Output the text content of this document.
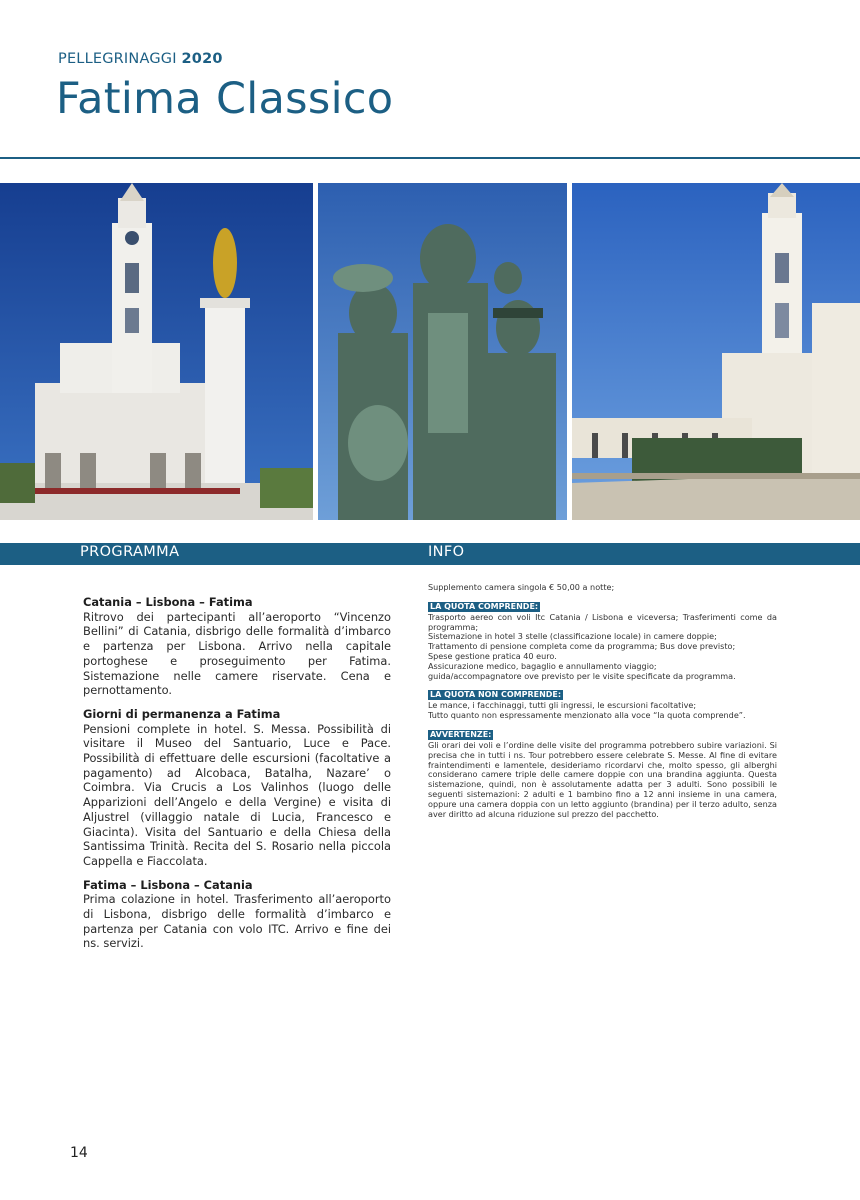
PELLEGRINAGGI 2020
Fatima Classico
PROGRAMMA	INFO
Catania – Lisbona – Fatima
Ritrovo dei partecipanti all’aeroporto “Vincenzo Bellini” di Catania, disbrigo delle formalità d’imbarco e partenza per Lisbona. Arrivo nella capitale portoghese e proseguimento per Fatima. Sistemazione nelle camere riservate. Cena e pernottamento.
Giorni di permanenza a Fatima
Pensioni complete in hotel. S. Messa. Possibilità di visitare il Museo del Santuario, Luce e Pace. Possibilità di effettuare delle escursioni (facoltative a pagamento) ad Alcobaca, Batalha, Nazare’ o Coimbra. Via Crucis a Los Valinhos (luogo delle Apparizioni dell’Angelo e della Vergine) e visita di Aljustrel (villaggio natale di Lucia, Francesco e Giacinta). Visita del Santuario e della Chiesa della Santissima Trinità. Recita del S. Rosario nella piccola Cappella e Fiaccolata.
Fatima – Lisbona – Catania
Prima colazione in hotel. Trasferimento all’aeroporto di Lisbona, disbrigo delle formalità d’imbarco e partenza per Catania con volo ITC. Arrivo e fine dei ns. servizi.

Supplemento camera singola € 50,00 a notte;

LA QUOTA COMPRENDE:

Trasporto aereo con voli Itc Catania / Lisbona e viceversa; Trasferimenti come da programma;

Sistemazione in hotel 3 stelle (classificazione locale) in camere doppie;

Trattamento di pensione completa come da programma; Bus dove previsto;

Spese gestione pratica 40 euro.

Assicurazione medico, bagaglio e annullamento viaggio;

guida/accompagnatore ove previsto per le visite specificate da programma.

LA QUOTA NON COMPRENDE:

Le mance, i facchinaggi, tutti gli ingressi, le escursioni facoltative;

Tutto quanto non espressamente menzionato alla voce “la quota comprende”.

AVVERTENZE:

Gli orari dei voli e l’ordine delle visite del programma potrebbero subire variazioni. Si precisa che in tutti i ns. Tour potrebbero essere celebrate S. Messe. Al fine di evitare fraintendimenti e lamentele, desideriamo ricordarvi che, molto spesso, gli alberghi considerano camere triple delle camere doppie con una brandina aggiunta. Questa sistemazione, quindi, non è assolutamente adatta per 3 adulti. Sono possibili le seguenti sistemazioni: 2 adulti e 1 bambino fino a 12 anni insieme in una camera, oppure una camera doppia con un letto aggiunto (brandina) per il terzo adulto, senza aver diritto ad alcuna riduzione sul prezzo del pacchetto.

14
